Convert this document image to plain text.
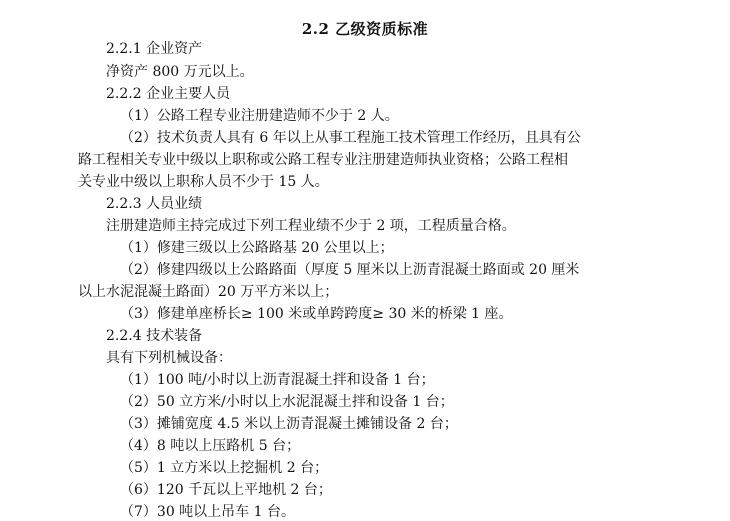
2.2 乙级资质标准
2.2.1 企业资产
净资产 800 万元以上。
2.2.2 企业主要人员
（1）公路工程专业注册建造师不少于 2 人。
（2）技术负责人具有 6 年以上从事工程施工技术管理工作经历，且具有公
路工程相关专业中级以上职称或公路工程专业注册建造师执业资格；公路工程相
关专业中级以上职称人员不少于 15 人。
2.2.3 人员业绩
注册建造师主持完成过下列工程业绩不少于 2 项，工程质量合格。
（1）修建三级以上公路路基 20 公里以上；
（2）修建四级以上公路路面（厚度 5 厘米以上沥青混凝土路面或 20 厘米
以上水泥混凝土路面）20 万平方米以上；
（3）修建单座桥长≥ 100 米或单跨跨度≥ 30 米的桥梁 1 座。
2.2.4 技术装备
具有下列机械设备：
（1）100 吨/小时以上沥青混凝土拌和设备 1 台；
（2）50 立方米/小时以上水泥混凝土拌和设备 1 台；
（3）摊铺宽度 4.5 米以上沥青混凝土摊铺设备 2 台；
（4）8 吨以上压路机 5 台；
（5）1 立方米以上挖掘机 2 台；
（6）120 千瓦以上平地机 2 台；
（7）30 吨以上吊车 1 台。
